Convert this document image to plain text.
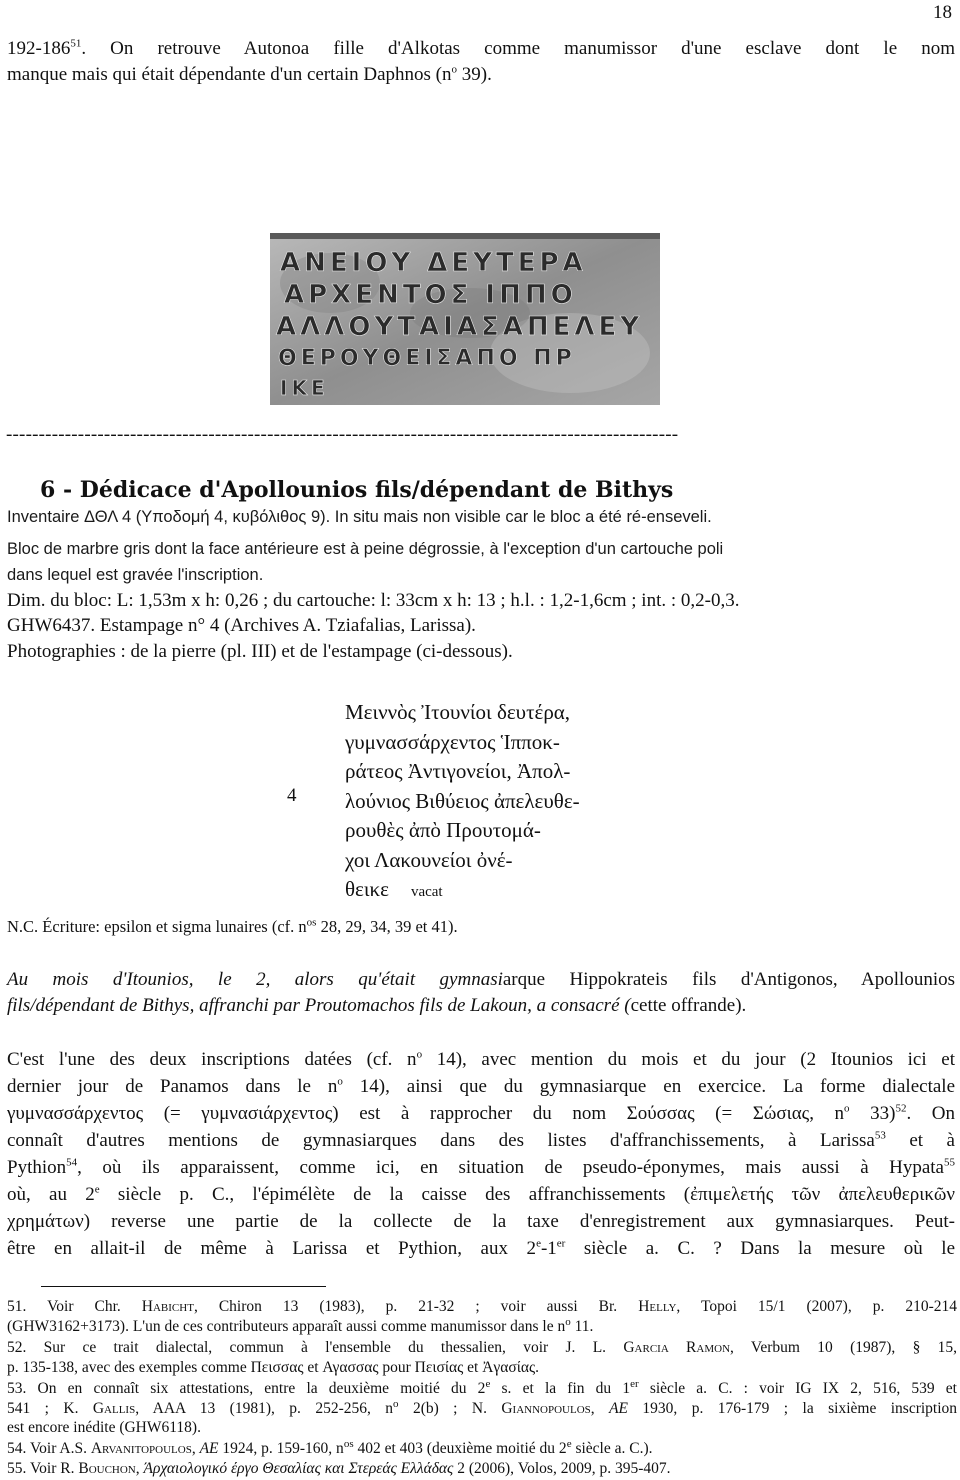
18
$192-186^{51}$. On retrouve Autonoa fille d'Alkotas comme manumissor d'une esclave dont le nom
manque mais qui était dépendante d'un certain Daphnos ($n^o$ 39).
ΑΝΕΙΟΥ ΔΕΥΤΕΡΑ
ΑΡΧΕΝΤΟΣ ΙΠΠΟ
ΑΛΛΟΥΤΑΙΑΣΑΠΕΛΕΥ
ΘΕΡΟΥΘΕΙΣΑΠΟ ΠΡ
ΙΚΕ
-------------------------------------------------------------------------------------------------------
6 - Dédicace d'Apollounios fils/dépendant de Bithys
Inventaire ΔΘΛ 4 (Υποδομή 4, κυβόλιθος 9). In situ mais non visible car le bloc a été ré-enseveli.
Bloc de marbre gris dont la face antérieure est à peine dégrossie, à l'exception d'un cartouche poli
dans lequel est gravée l'inscription.
Dim. du bloc: L: 1,53m x h: 0,26 ; du cartouche: l: 33cm x h: 13 ; h.l. : 1,2-1,6cm ; int. : 0,2-0,3.
GHW6437. Estampage n° 4 (Archives A. Tziafalias, Larissa).
Photographies : de la pierre (pl. III) et de l'estampage (ci-dessous).
4
Μειννὸς Ἰτουνίοι δευτέρα,
γυμνασσάρχεντος Ἱπποκ-
ράτεος Ἀντιγονείοι, Ἀπολ-
λούνιος Βιθύειος ἀπελευθε-
ρουθὲς ἀπὸ Προυτομά-
χοι Λακουνείοι ὀνέ-
θεικε vacat
N.C. Écriture: epsilon et sigma lunaires (cf. $n^{os}$ 28, 29, 34, 39 et 41).
Au mois d'Itounios, le 2, alors qu'était gymnasiarque Hippokrateis fils d'Antigonos, Apollounios
fils/dépendant de Bithys, affranchi par Proutomachos fils de Lakoun, a consacré (cette offrande).
C'est l'une des deux inscriptions datées (cf. $n^o$ 14), avec mention du mois et du jour (2 Itounios ici et
dernier jour de Panamos dans le $n^o$ 14), ainsi que du gymnasiarque en exercice. La forme dialectale
γυμνασσάρχεντος (= γυμνασιάρχεντος) est à rapprocher du nom Σούσσας (= Σώσιας, $n^o$ 33)$^{52}$. On
connaît d'autres mentions de gymnasiarques dans des listes d'affranchissements, à Larissa$^{53}$ et à
Pythion$^{54}$, où ils apparaissent, comme ici, en situation de pseudo-éponymes, mais aussi à Hypata$^{55}$
où, au 2e siècle p. C., l'épimélète de la caisse des affranchissements (ἐπιμελετής τῶν ἀπελευθερικῶν
χρημάτων) reverse une partie de la collecte de la taxe d'enregistrement aux gymnasiarques. Peut-
être en allait-il de même à Larissa et Pythion, aux 2e-1er siècle a. C. ? Dans la mesure où le
51. Voir Chr. Habicht, Chiron 13 (1983), p. 21-32 ; voir aussi Br. Helly, Topoi 15/1 (2007), p. 210-214
(GHW3162+3173). L'un de ces contributeurs apparaît aussi comme manumissor dans le $n^o$ 11.
52. Sur ce trait dialectal, commun à l'ensemble du thessalien, voir J. L. Garcia Ramon, Verbum 10 (1987), § 15,
p. 135-138, avec des exemples comme Πεισσας et Αγασσας pour Πεισίας et Ἀγασίας.
53. On en connaît six attestations, entre la deuxième moitié du 2e s. et la fin du 1er siècle a. C. : voir IG IX 2, 516, 539 et
541 ; K. Gallis, AAA 13 (1981), p. 252-256, $n^o$ 2(b) ; N. Giannopoulos, AE 1930, p. 176-179 ; la sixième inscription
est encore inédite (GHW6118).
54. Voir A.S. Arvanitopoulos, AE 1924, p. 159-160, $n^{os}$ 402 et 403 (deuxième moitié du 2e siècle a. C.).
55. Voir R. Bouchon, Άρχαιολογικό έργο Θεσαλίας και Στερεάς Ελλάδας 2 (2006), Volos, 2009, p. 395-407.
